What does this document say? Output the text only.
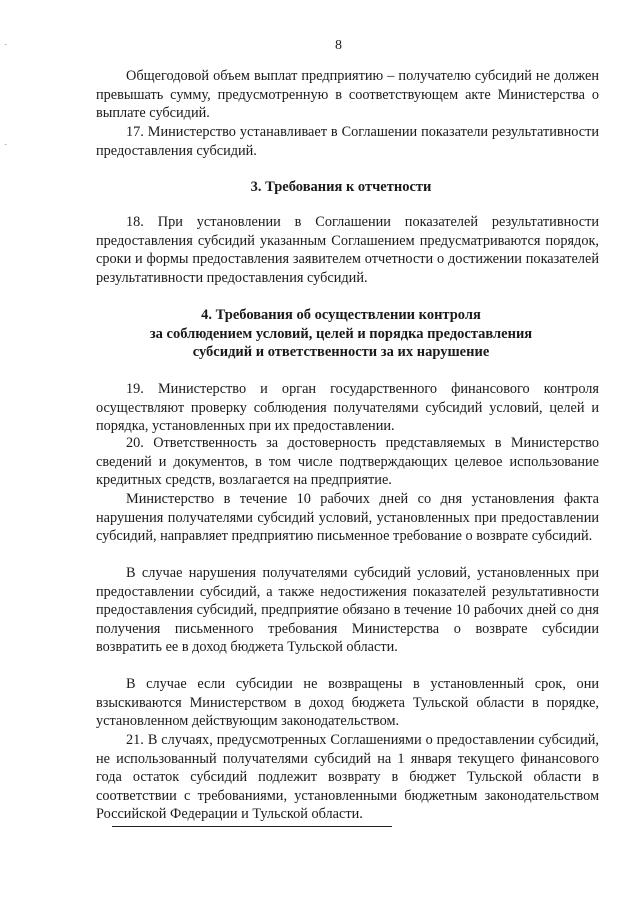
-
-
8

Общегодовой объем выплат предприятию – получателю субсидий не должен превышать сумму, предусмотренную в соответствующем акте Министерства о выплате субсидий.

17. Министерство устанавливает в Соглашении показатели результативности предоставления субсидий.

3. Требования к отчетности

18. При установлении в Соглашении показателей результативности предоставления субсидий указанным Соглашением предусматриваются порядок, сроки и формы предоставления заявителем отчетности о достижении показателей результативности предоставления субсидий.

4. Требования об осуществлении контроля
за соблюдением условий, целей и порядка предоставления
субсидий и ответственности за их нарушение

19. Министерство и орган государственного финансового контроля осуществляют проверку соблюдения получателями субсидий условий, целей и порядка, установленных при их предоставлении.

20. Ответственность за достоверность представляемых в Министерство сведений и документов, в том числе подтверждающих целевое использование кредитных средств, возлагается на предприятие.

Министерство в течение 10 рабочих дней со дня установления факта нарушения получателями субсидий условий, установленных при предоставлении субсидий, направляет предприятию письменное требование о возврате субсидий.

В случае нарушения получателями субсидий условий, установленных при предоставлении субсидий, а также недостижения показателей результативности предоставления субсидий, предприятие обязано в течение 10 рабочих дней со дня получения письменного требования Министерства о возврате субсидии возвратить ее в доход бюджета Тульской области.

В случае если субсидии не возвращены в установленный срок, они взыскиваются Министерством в доход бюджета Тульской области в порядке, установленном действующим законодательством.

21. В случаях, предусмотренных Соглашениями о предоставлении субсидий, не использованный получателями субсидий на 1 января текущего финансового года остаток субсидий подлежит возврату в бюджет Тульской области в соответствии с требованиями, установленными бюджетным законодательством Российской Федерации и Тульской области.
